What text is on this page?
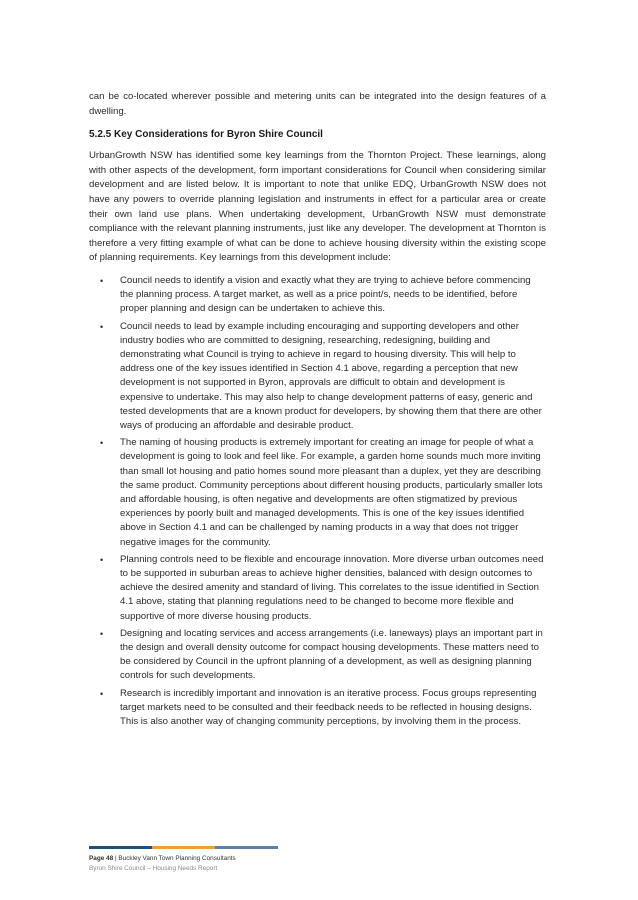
can be co-located wherever possible and metering units can be integrated into the design features of a dwelling.

5.2.5 Key Considerations for Byron Shire Council

UrbanGrowth NSW has identified some key learnings from the Thornton Project. These learnings, along with other aspects of the development, form important considerations for Council when considering similar development and are listed below. It is important to note that unlike EDQ, UrbanGrowth NSW does not have any powers to override planning legislation and instruments in effect for a particular area or create their own land use plans. When undertaking development, UrbanGrowth NSW must demonstrate compliance with the relevant planning instruments, just like any developer. The development at Thornton is therefore a very fitting example of what can be done to achieve housing diversity within the existing scope of planning requirements. Key learnings from this development include:

• Council needs to identify a vision and exactly what they are trying to achieve before commencing the planning process. A target market, as well as a price point/s, needs to be identified, before proper planning and design can be undertaken to achieve this.
• Council needs to lead by example including encouraging and supporting developers and other industry bodies who are committed to designing, researching, redesigning, building and demonstrating what Council is trying to achieve in regard to housing diversity. This will help to address one of the key issues identified in Section 4.1 above, regarding a perception that new development is not supported in Byron, approvals are difficult to obtain and development is expensive to undertake. This may also help to change development patterns of easy, generic and tested developments that are a known product for developers, by showing them that there are other ways of producing an affordable and desirable product.
• The naming of housing products is extremely important for creating an image for people of what a development is going to look and feel like. For example, a garden home sounds much more inviting than small lot housing and patio homes sound more pleasant than a duplex, yet they are describing the same product. Community perceptions about different housing products, particularly smaller lots and affordable housing, is often negative and developments are often stigmatized by previous experiences by poorly built and managed developments. This is one of the key issues identified above in Section 4.1 and can be challenged by naming products in a way that does not trigger negative images for the community.
• Planning controls need to be flexible and encourage innovation. More diverse urban outcomes need to be supported in suburban areas to achieve higher densities, balanced with design outcomes to achieve the desired amenity and standard of living. This correlates to the issue identified in Section 4.1 above, stating that planning regulations need to be changed to become more flexible and supportive of more diverse housing products.
• Designing and locating services and access arrangements (i.e. laneways) plays an important part in the design and overall density outcome for compact housing developments. These matters need to be considered by Council in the upfront planning of a development, as well as designing planning controls for such developments.
• Research is incredibly important and innovation is an iterative process. Focus groups representing target markets need to be consulted and their feedback needs to be reflected in housing designs. This is also another way of changing community perceptions, by involving them in the process.
Page 48 | Buckley Vann Town Planning Consultants
Byron Shire Council – Housing Needs Report
